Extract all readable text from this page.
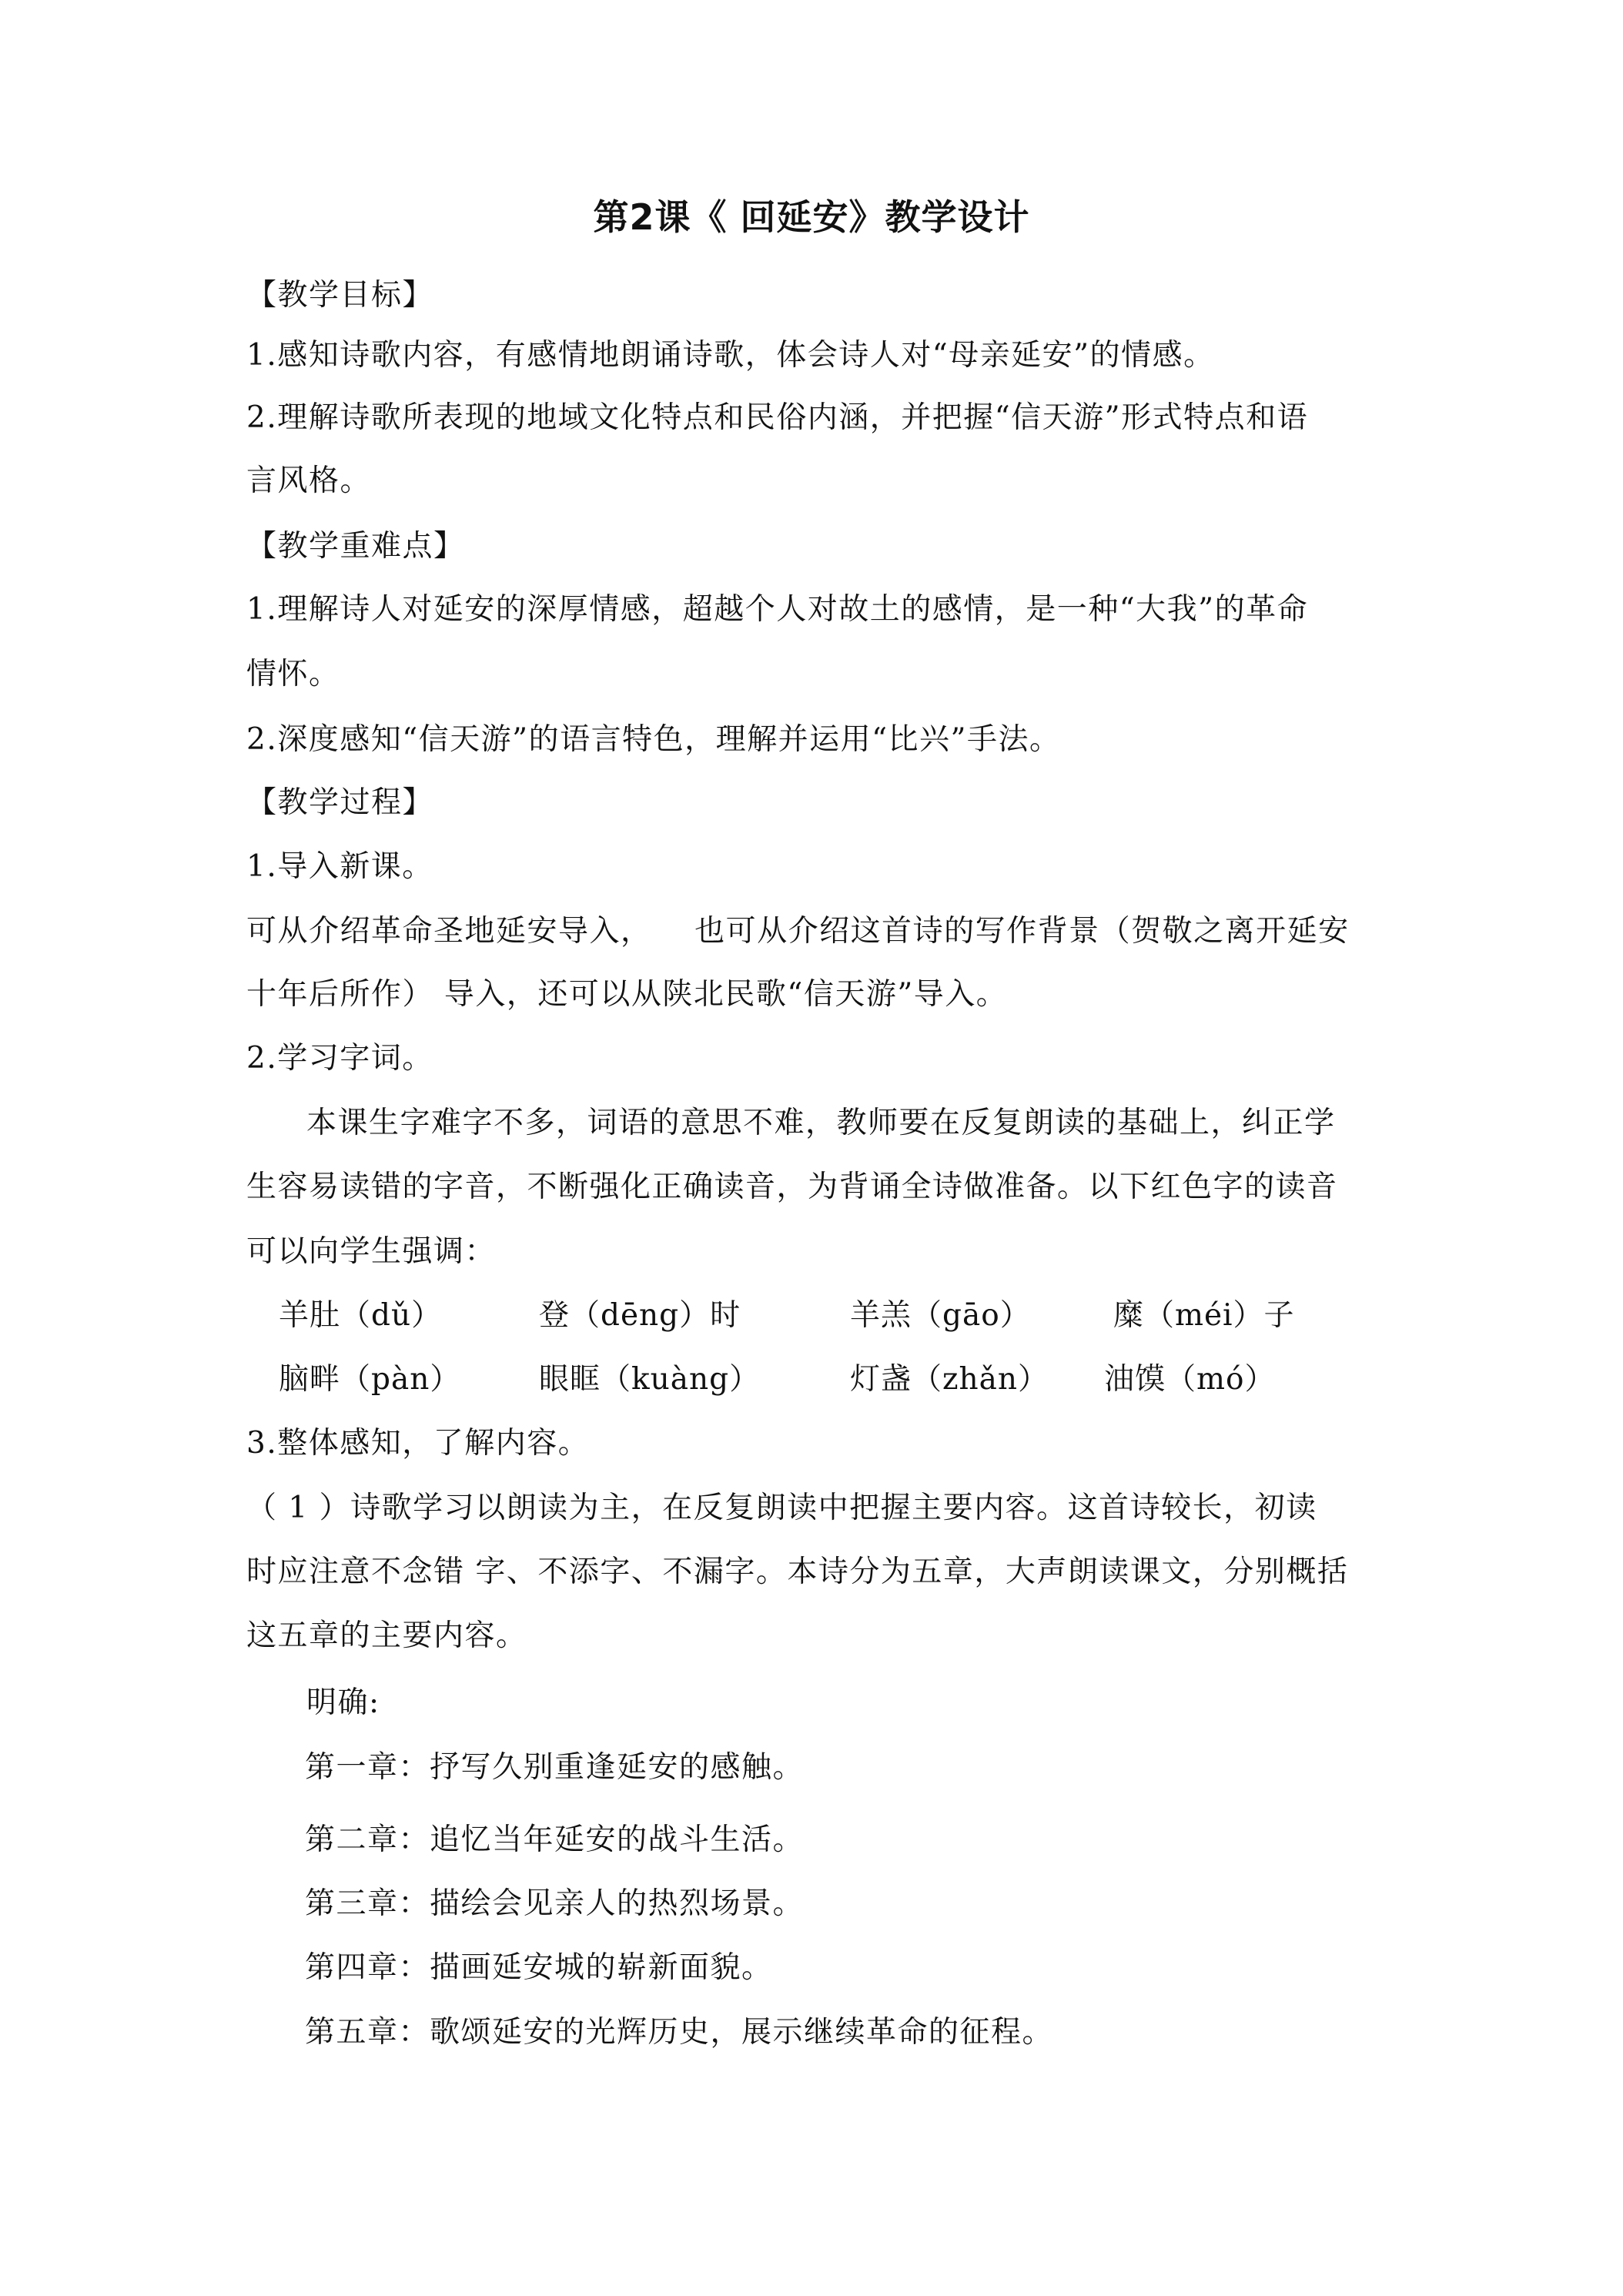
第2课《 回延安》教学设计
【教学目标】
1.感知诗歌内容，有感情地朗诵诗歌，体会诗人对“母亲延安”的情感。
2.理解诗歌所表现的地域文化特点和民俗内涵，并把握“信天游”形式特点和语
言风格。
【教学重难点】
1.理解诗人对延安的深厚情感，超越个人对故土的感情，是一种“大我”的革命
情怀。
2.深度感知“信天游”的语言特色，理解并运用“比兴”手法。
【教学过程】
1.导入新课。
可从介绍革命圣地延安导入，    也可从介绍这首诗的写作背景（贺敬之离开延安
十年后所作） 导入，还可以从陕北民歌“信天游”导入。
2.学习字词。
本课生字难字不多，词语的意思不难，教师要在反复朗读的基础上，纠正学
生容易读错的字音，不断强化正确读音，为背诵全诗做准备。以下红色字的读音
可以向学生强调：
羊肚（dǔ）	登（dēng）时	羊羔（gāo）	糜（méi）子
脑畔（pàn）	眼眶（kuàng）	灯盏（zhǎn） 油馍（mó）
3.整体感知，了解内容。
（ 1 ）诗歌学习以朗读为主，在反复朗读中把握主要内容。这首诗较长，初读
时应注意不念错 字、不添字、不漏字。本诗分为五章，大声朗读课文，分别概括
这五章的主要内容。
明确:
第一章：抒写久别重逢延安的感触。
第二章：追忆当年延安的战斗生活。
第三章：描绘会见亲人的热烈场景。
第四章：描画延安城的崭新面貌。
第五章：歌颂延安的光辉历史，展示继续革命的征程。
